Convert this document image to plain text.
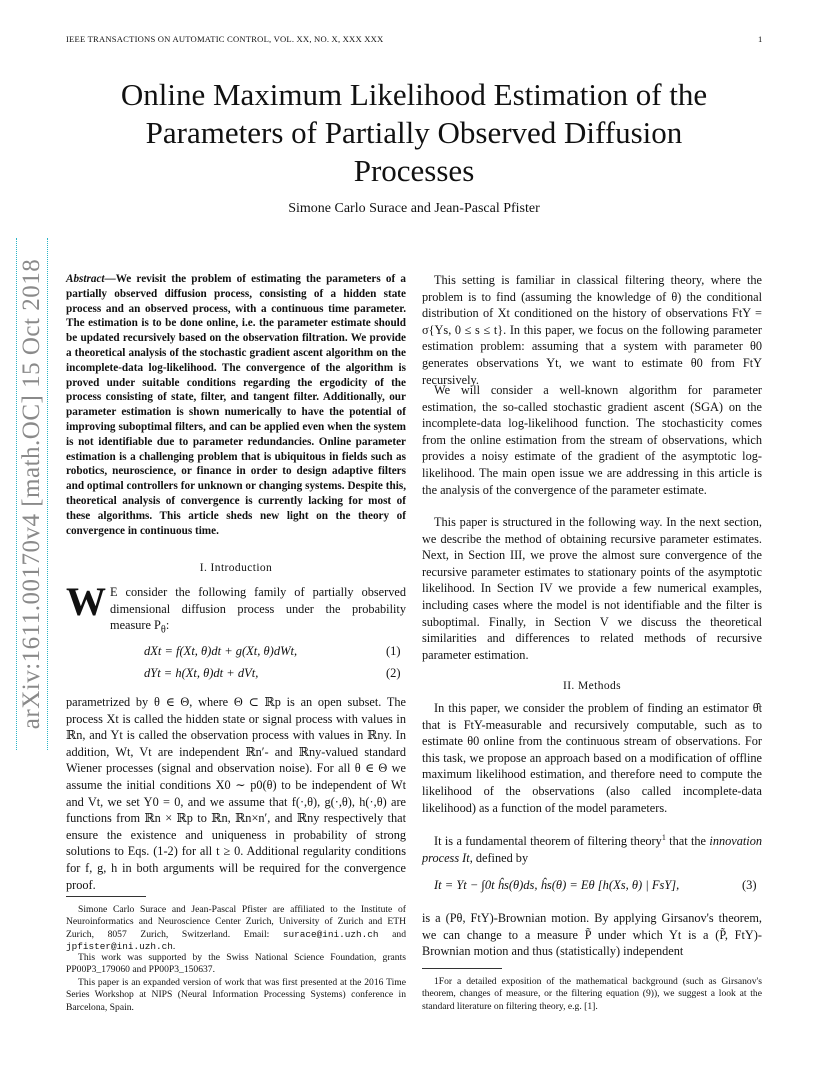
IEEE TRANSACTIONS ON AUTOMATIC CONTROL, VOL. XX, NO. X, XXX XXX	1
arXiv:1611.00170v4 [math.OC] 15 Oct 2018
Online Maximum Likelihood Estimation of the
Parameters of Partially Observed Diffusion
Processes
Simone Carlo Surace and Jean-Pascal Pfister
Abstract—We revisit the problem of estimating the parameters of a partially observed diffusion process, consisting of a hidden state process and an observed process, with a continuous time parameter. The estimation is to be done online, i.e. the parameter estimate should be updated recursively based on the observation filtration. We provide a theoretical analysis of the stochastic gradient ascent algorithm on the incomplete-data log-likelihood. The convergence of the algorithm is proved under suitable conditions regarding the ergodicity of the process consisting of state, filter, and tangent filter. Additionally, our parameter estimation is shown numerically to have the potential of improving suboptimal filters, and can be applied even when the system is not identifiable due to parameter redundancies. Online parameter estimation is a challenging problem that is ubiquitous in fields such as robotics, neuroscience, or finance in order to design adaptive filters and optimal controllers for unknown or changing systems. Despite this, theoretical analysis of convergence is currently lacking for most of these algorithms. This article sheds new light on the theory of convergence in continuous time.
I. Introduction
W E consider the following family of partially observed dimensional diffusion process under the probability measure $P_\theta$:
dXt = f(Xt, θ)dt + g(Xt, θ)dWt,	(1)
dYt = h(Xt, θ)dt + dVt,	(2)
parametrized by θ ∈ Θ, where Θ ⊂ ℝp is an open subset. The process Xt is called the hidden state or signal process with values in ℝn, and Yt is called the observation process with values in ℝny. In addition, Wt, Vt are independent ℝn′- and ℝny-valued standard Wiener processes (signal and observation noise). For all θ ∈ Θ we assume the initial conditions X0 ∼ p0(θ) to be independent of Wt and Vt, we set Y0 = 0, and we assume that f(·,θ), g(·,θ), h(·,θ) are functions from ℝn × ℝp to ℝn, ℝn×n′, and ℝny respectively that ensure the existence and uniqueness in probability of strong solutions to Eqs. (1-2) for all t ≥ 0. Additional regularity conditions for f, g, h in both arguments will be required for the convergence proof.
Simone Carlo Surace and Jean-Pascal Pfister are affiliated to the Institute of Neuroinformatics and Neuroscience Center Zurich, University of Zurich and ETH Zurich, 8057 Zurich, Switzerland. Email: surace@ini.uzh.ch and jpfister@ini.uzh.ch.
This work was supported by the Swiss National Science Foundation, grants PP00P3_179060 and PP00P3_150637.
This paper is an expanded version of work that was first presented at the 2016 Time Series Workshop at NIPS (Neural Information Processing Systems) conference in Barcelona, Spain.
This setting is familiar in classical filtering theory, where the problem is to find (assuming the knowledge of θ) the conditional distribution of Xt conditioned on the history of observations FtY = σ{Ys, 0 ≤ s ≤ t}. In this paper, we focus on the following parameter estimation problem: assuming that a system with parameter θ0 generates observations Yt, we want to estimate θ0 from FtY recursively.
We will consider a well-known algorithm for parameter estimation, the so-called stochastic gradient ascent (SGA) on the incomplete-data log-likelihood function. The stochasticity comes from the online estimation from the stream of observations, which provides a noisy estimate of the gradient of the asymptotic log-likelihood. The main open issue we are addressing in this article is the analysis of the convergence of the parameter estimate.
This paper is structured in the following way. In the next section, we describe the method of obtaining recursive parameter estimates. Next, in Section III, we prove the almost sure convergence of the recursive parameter estimates to stationary points of the asymptotic likelihood. In Section IV we provide a few numerical examples, including cases where the model is not identifiable and the filter is suboptimal. Finally, in Section V we discuss the theoretical similarities and differences to related methods of recursive parameter estimation.
II. Methods
In this paper, we consider the problem of finding an estimator θ̂t that is FtY-measurable and recursively computable, such as to estimate θ0 online from the continuous stream of observations. For this task, we propose an approach based on a modification of offline maximum likelihood estimation, and therefore need to compute the likelihood of the observations (also called incomplete-data likelihood) as a function of the model parameters.
It is a fundamental theorem of filtering theory$^1$ that the innovation process It, defined by
It = Yt − ∫0t ĥs(θ)ds, ĥs(θ) = Eθ [h(Xs, θ) | FsY],	(3)
is a (Pθ, FtY)-Brownian motion. By applying Girsanov's theorem, we can change to a measure P̃ under which Yt is a (P̃, FtY)-Brownian motion and thus (statistically) independent
1For a detailed exposition of the mathematical background (such as Girsanov's theorem, changes of measure, or the filtering equation (9)), we suggest a look at the standard literature on filtering theory, e.g. [1].
